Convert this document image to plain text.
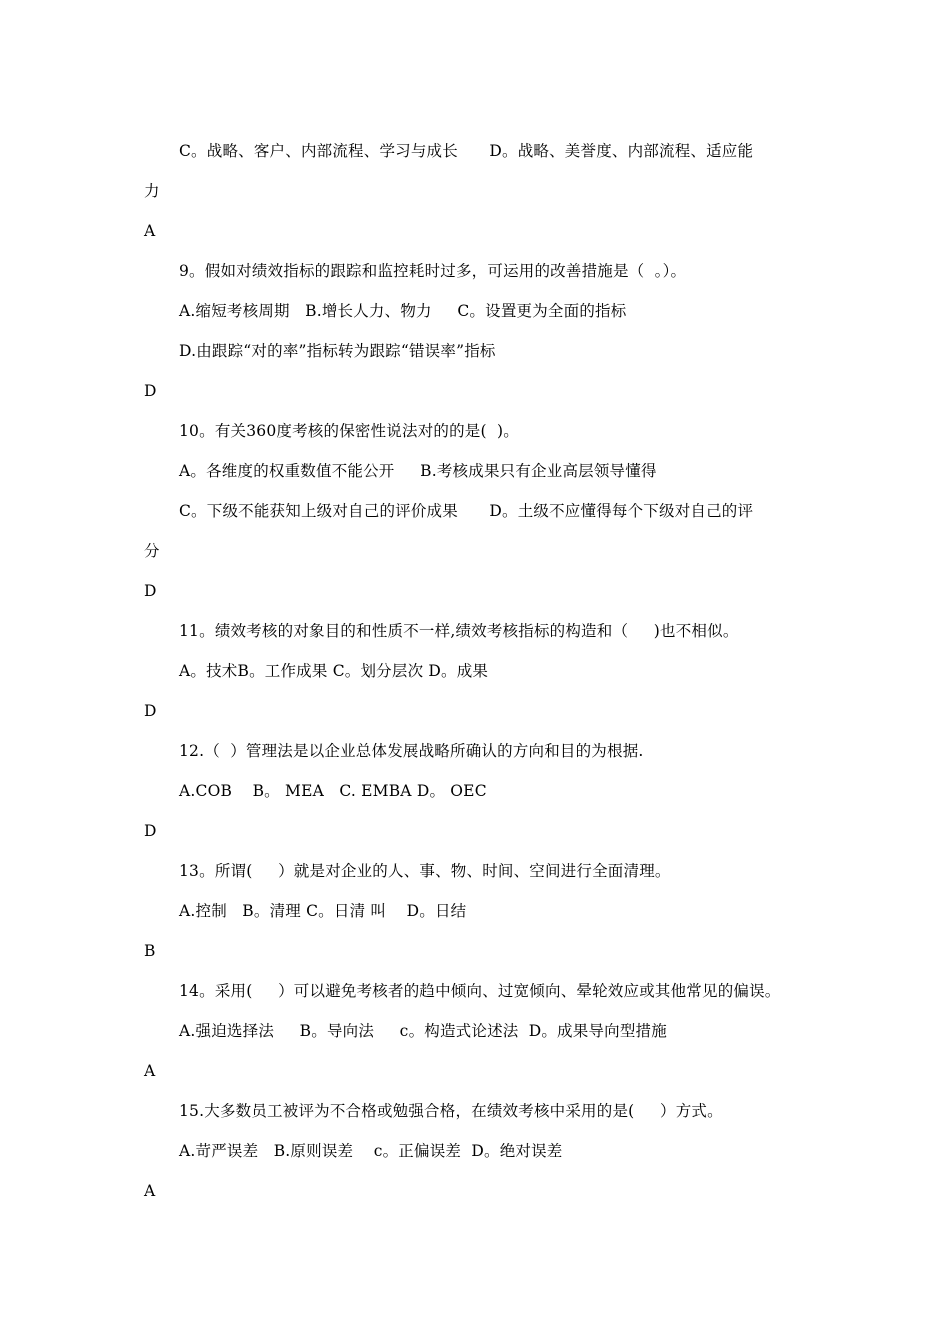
C。战略、客户、内部流程、学习与成长　　D。战略、美誉度、内部流程、适应能
力
A
9。假如对绩效指标的跟踪和监控耗时过多，可运用的改善措施是（  。）。
A.缩短考核周期   B.增长人力、物力     C。设置更为全面的指标
D.由跟踪“对的率”指标转为跟踪“错误率”指标
D
10。有关360度考核的保密性说法对的的是(  )。
A。各维度的权重数值不能公开     B.考核成果只有企业高层领导懂得
C。下级不能获知上级对自己的评价成果　　D。土级不应懂得每个下级对自己的评
分
D
11。绩效考核的对象目的和性质不一样,绩效考核指标的构造和（     )也不相似。
A。技术B。工作成果 C。划分层次 D。成果
D
12.（  ）管理法是以企业总体发展战略所确认的方向和目的为根据.
A.COB    B。 MEA   C. EMBA D。 OEC
D
13。所谓(     ）就是对企业的人、事、物、时间、空间进行全面清理。
A.控制   B。清理 C。日清 叫    D。日结
B
14。采用(     ）可以避免考核者的趋中倾向、过宽倾向、晕轮效应或其他常见的偏误。
A.强迫选择法     B。导向法     c。构造式论述法  D。成果导向型措施
A
15.大多数员工被评为不合格或勉强合格，在绩效考核中采用的是(     ）方式。
A.苛严误差   B.原则误差    c。正偏误差  D。绝对误差
A
